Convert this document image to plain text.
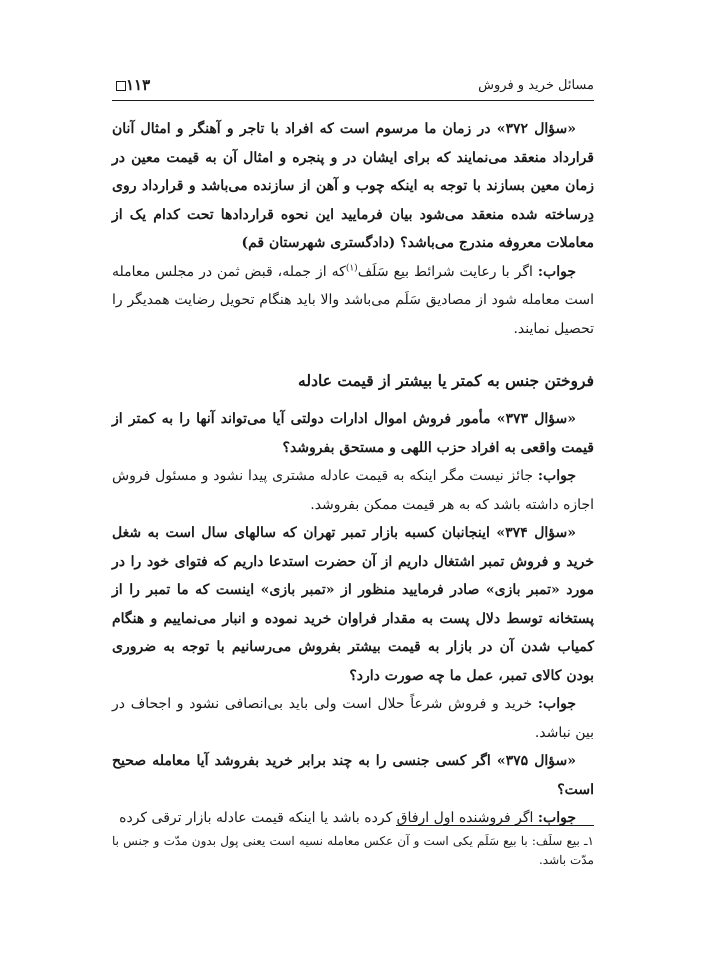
مسائل خرید و فروش
۱۱۳

«سؤال ۳۷۲» در زمان ما مرسوم است که افراد با تاجر و آهنگر و امثال آنان قرارداد منعقد می‌نمایند که برای ایشان در و پنجره و امثال آن به قیمت معین در زمان معین بسازند با توجه به اینکه چوب و آهن از سازنده می‌باشد و قرارداد روی دِرساخته شده منعقد می‌شود بیان فرمایید این نحوه قراردادها تحت کدام یک از معاملات معروفه مندرج می‌باشد؟ (دادگستری شهرستان قم)

جواب: اگر با رعایت شرائط بیع سَلَف$^{(۱)}$که از جمله، قبض ثمن در مجلس معامله است معامله شود از مصادیق سَلَم می‌باشد والا باید هنگام تحویل رضایت همدیگر را تحصیل نمایند.

فروختن جنس به کمتر یا بیشتر از قیمت عادله

«سؤال ۳۷۳» مأمور فروش اموال ادارات دولتی آیا می‌تواند آنها را به کمتر از قیمت واقعی به افراد حزب اللهی و مستحق بفروشد؟

جواب: جائز نیست مگر اینکه به قیمت عادله مشتری پیدا نشود و مسئول فروش اجازه داشته باشد که به هر قیمت ممکن بفروشد.

«سؤال ۳۷۴» اینجانبان کسبه بازار تمبر تهران که سالهای سال است به شغل خرید و فروش تمبر اشتغال داریم از آن حضرت استدعا داریم که فتوای خود را در مورد «تمبر بازی» صادر فرمایید منظور از «تمبر بازی» اینست که ما تمبر را از پستخانه توسط دلال پست به مقدار فراوان خرید نموده و انبار می‌نماییم و هنگام کمیاب شدن آن در بازار به قیمت بیشتر بفروش می‌رسانیم با توجه به ضروری بودن کالای تمبر، عمل ما چه صورت دارد؟

جواب: خرید و فروش شرعاً حلال است ولی باید بی‌انصافی نشود و اجحاف در بین نباشد.

«سؤال ۳۷۵» اگر کسی جنسی را به چند برابر خرید بفروشد آیا معامله صحیح است؟

جواب: اگر فروشنده اول ارفاق کرده باشد یا اینکه قیمت عادله بازار ترقی کرده

۱ـ بیع سلَف: با بیع سَلَم یکی است و آن عکس معامله نسیه است یعنی پول بدون مدّت و جنس با مدّت باشد.
